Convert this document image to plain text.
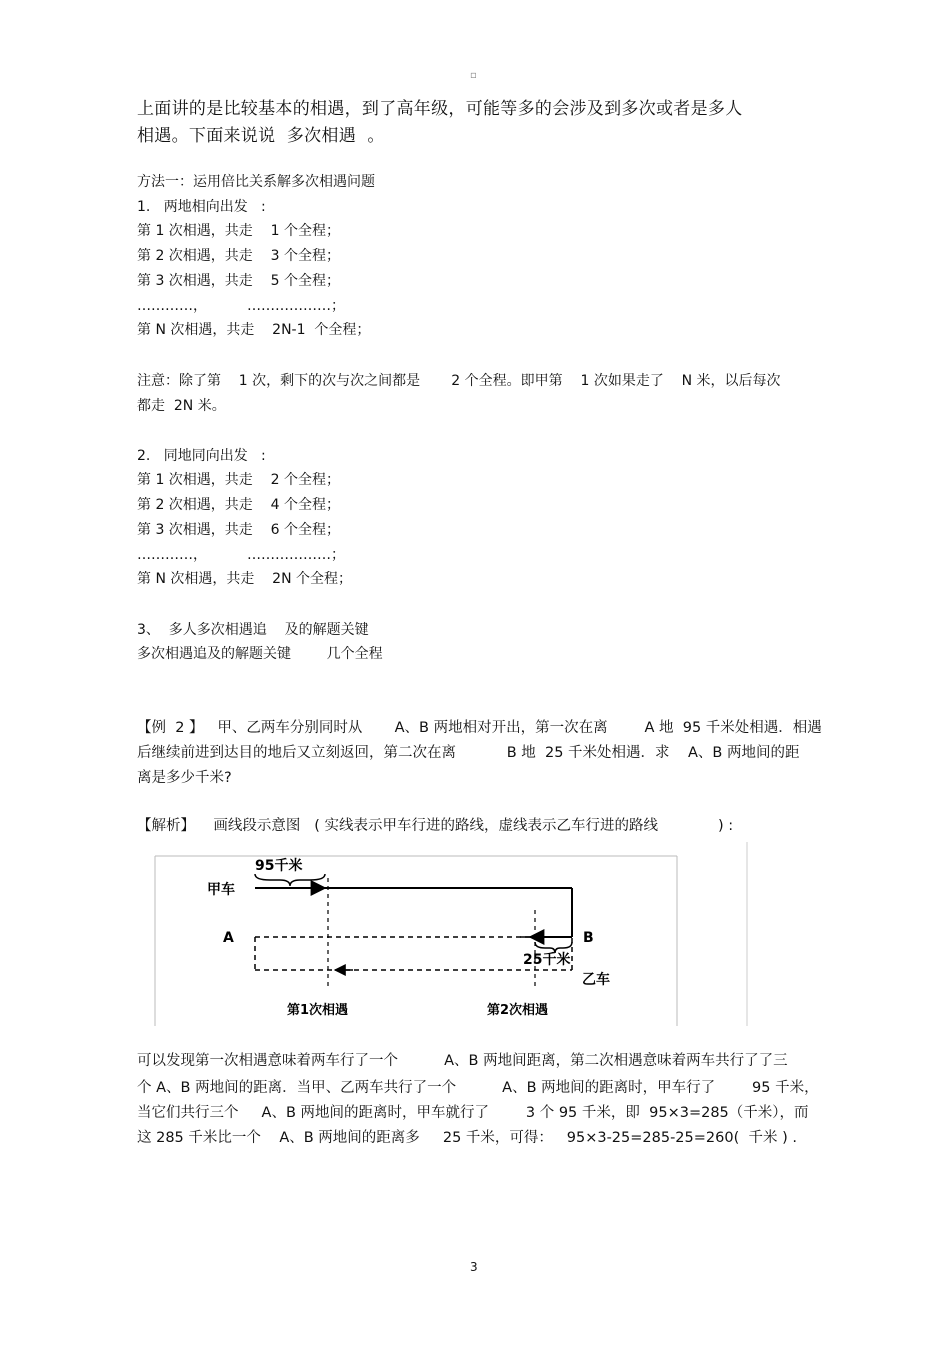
▫
上面讲的是比较基本的相遇，到了高年级，可能等多的会涉及到多次或者是多人
相遇。下面来说说  多次相遇  。
方法一：运用倍比关系解多次相遇问题
1.   两地相向出发   :
第 1 次相遇，共走    1 个全程；
第 2 次相遇，共走    3 个全程；
第 3 次相遇，共走    5 个全程；
…………，         ………………；
第 N 次相遇，共走    2N-1  个全程；
注意：除了第    1 次，剩下的次与次之间都是       2 个全程。即甲第    1 次如果走了    N 米，以后每次
都走  2N 米。
2.   同地同向出发   :
第 1 次相遇，共走    2 个全程；
第 2 次相遇，共走    4 个全程；
第 3 次相遇，共走    6 个全程；
…………，         ………………；
第 N 次相遇，共走    2N 个全程；
3、  多人多次相遇追    及的解题关键
多次相遇追及的解题关键        几个全程
【例  2 】   甲、乙两车分别同时从       A、B 两地相对开出，第一次在离        A 地  95 千米处相遇．相遇
后继续前进到达目的地后又立刻返回，第二次在离           B 地  25 千米处相遇．求    A、B 两地间的距
离是多少千米?
【解析】    画线段示意图   ( 实线表示甲车行进的路线，虚线表示乙车行进的路线             ) :
95千米
甲车
A	B
25千米
乙车
第1次相遇	第2次相遇
可以发现第一次相遇意味着两车行了一个          A、B 两地间距离，第二次相遇意味着两车共行了了三
个 A、B 两地间的距离．当甲、乙两车共行了一个          A、B 两地间的距离时，甲车行了        95 千米，
当它们共行三个     A、B 两地间的距离时，甲车就行了        3 个 95 千米，即  95×3=285（千米），而
这 285 千米比一个    A、B 两地间的距离多     25 千米，可得：   95×3-25=285-25=260(  千米 ) .
3
